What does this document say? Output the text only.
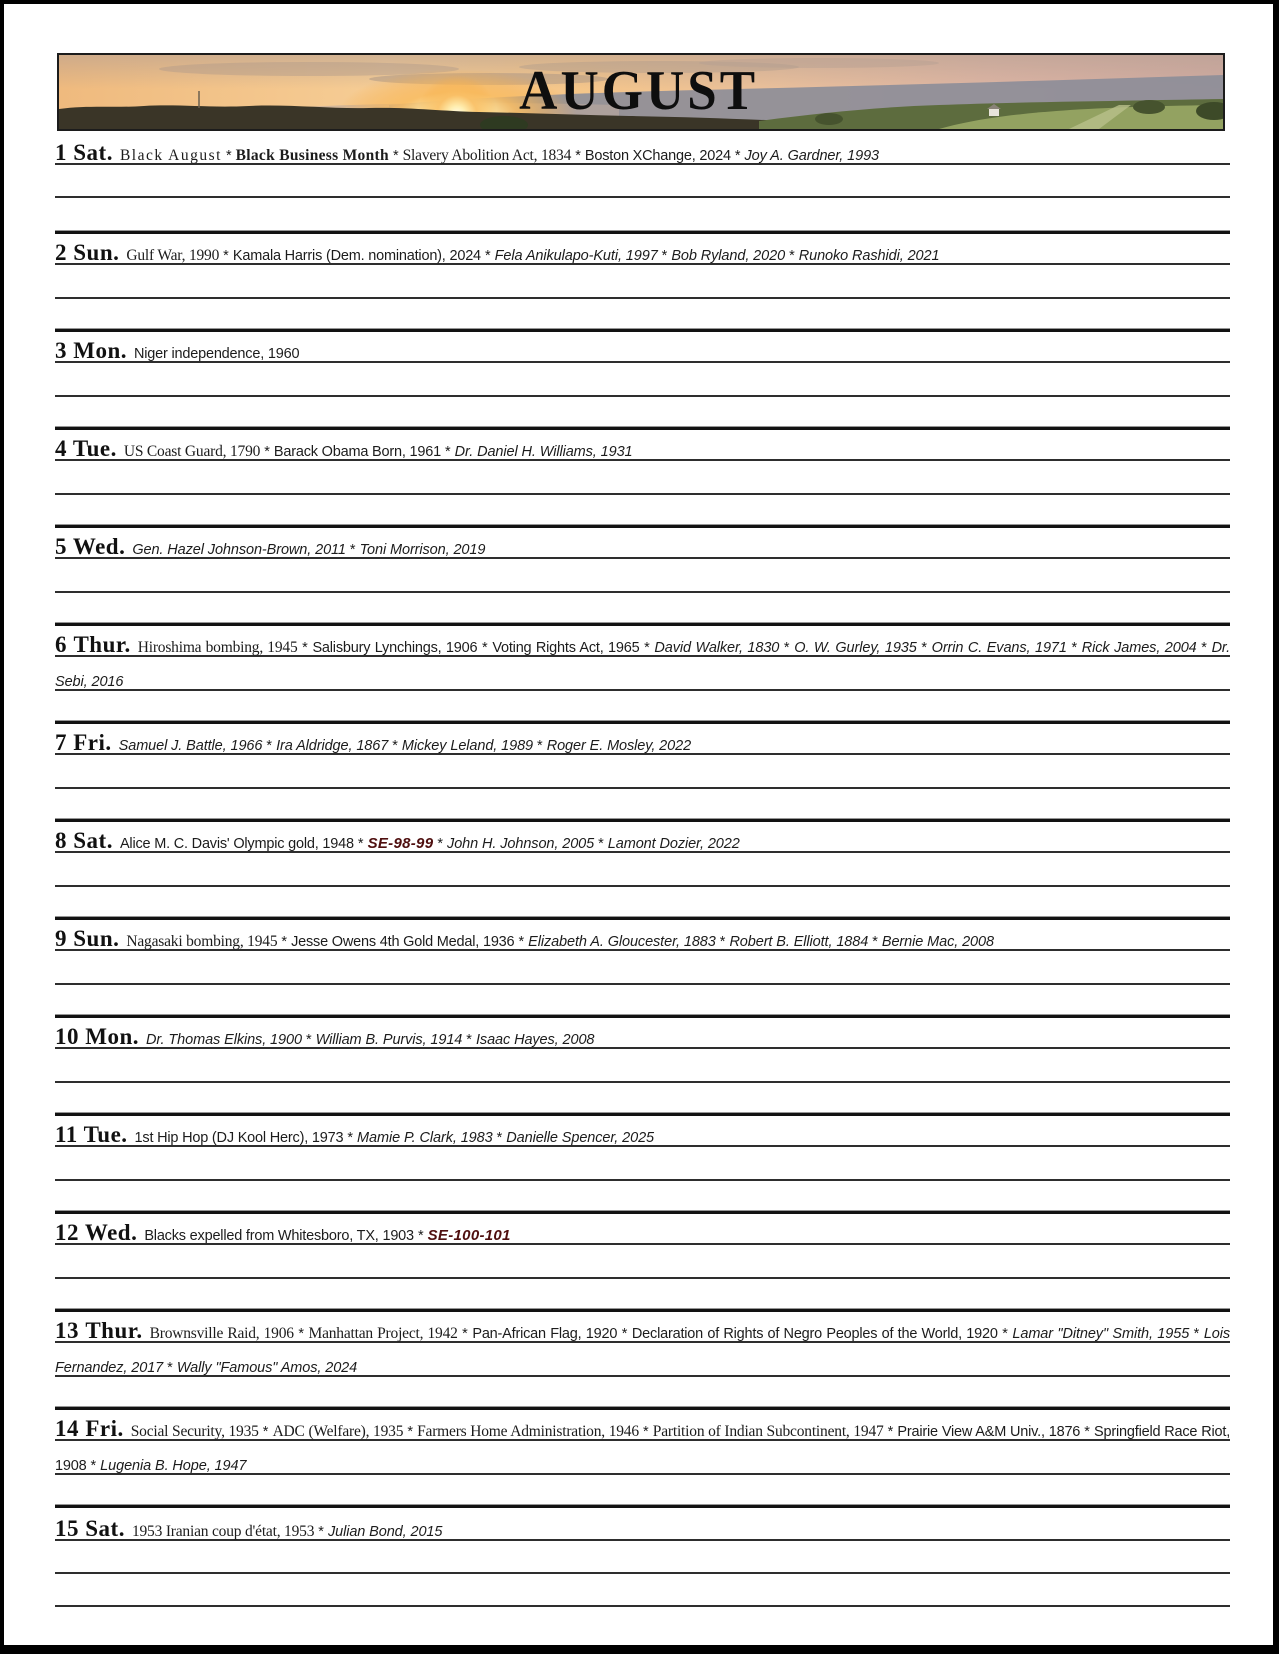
AUGUST

1 Sat. Black August * Black Business Month * Slavery Abolition Act, 1834 * Boston XChange, 2024 * Joy A. Gardner, 1993

2 Sun. Gulf War, 1990 * Kamala Harris (Dem. nomination), 2024 * Fela Anikulapo-Kuti, 1997 * Bob Ryland, 2020 * Runoko Rashidi, 2021

3 Mon. Niger independence, 1960

4 Tue. US Coast Guard, 1790 * Barack Obama Born, 1961 * Dr. Daniel H. Williams, 1931

5 Wed. Gen. Hazel Johnson-Brown, 2011 * Toni Morrison, 2019

6 Thur. Hiroshima bombing, 1945 * Salisbury Lynchings, 1906 * Voting Rights Act, 1965 * David Walker, 1830 * O. W. Gurley, 1935 * Orrin C. Evans, 1971 * Rick James, 2004 * Dr. Sebi, 2016

7 Fri. Samuel J. Battle, 1966 * Ira Aldridge, 1867 * Mickey Leland, 1989 * Roger E. Mosley, 2022

8 Sat. Alice M. C. Davis' Olympic gold, 1948 * SE-98-99 * John H. Johnson, 2005 * Lamont Dozier, 2022

9 Sun. Nagasaki bombing, 1945 * Jesse Owens 4th Gold Medal, 1936 * Elizabeth A. Gloucester, 1883 * Robert B. Elliott, 1884 * Bernie Mac, 2008

10 Mon. Dr. Thomas Elkins, 1900 * William B. Purvis, 1914 * Isaac Hayes, 2008

11 Tue. 1st Hip Hop (DJ Kool Herc), 1973 * Mamie P. Clark, 1983 * Danielle Spencer, 2025

12 Wed. Blacks expelled from Whitesboro, TX, 1903 * SE-100-101

13 Thur. Brownsville Raid, 1906 * Manhattan Project, 1942 * Pan-African Flag, 1920 * Declaration of Rights of Negro Peoples of the World, 1920 * Lamar "Ditney" Smith, 1955 * Lois Fernandez, 2017 * Wally "Famous" Amos, 2024

14 Fri. Social Security, 1935 * ADC (Welfare), 1935 * Farmers Home Administration, 1946 * Partition of Indian Subcontinent, 1947 * Prairie View A&M Univ., 1876 * Springfield Race Riot, 1908 * Lugenia B. Hope, 1947

15 Sat. 1953 Iranian coup d'état, 1953 * Julian Bond, 2015
